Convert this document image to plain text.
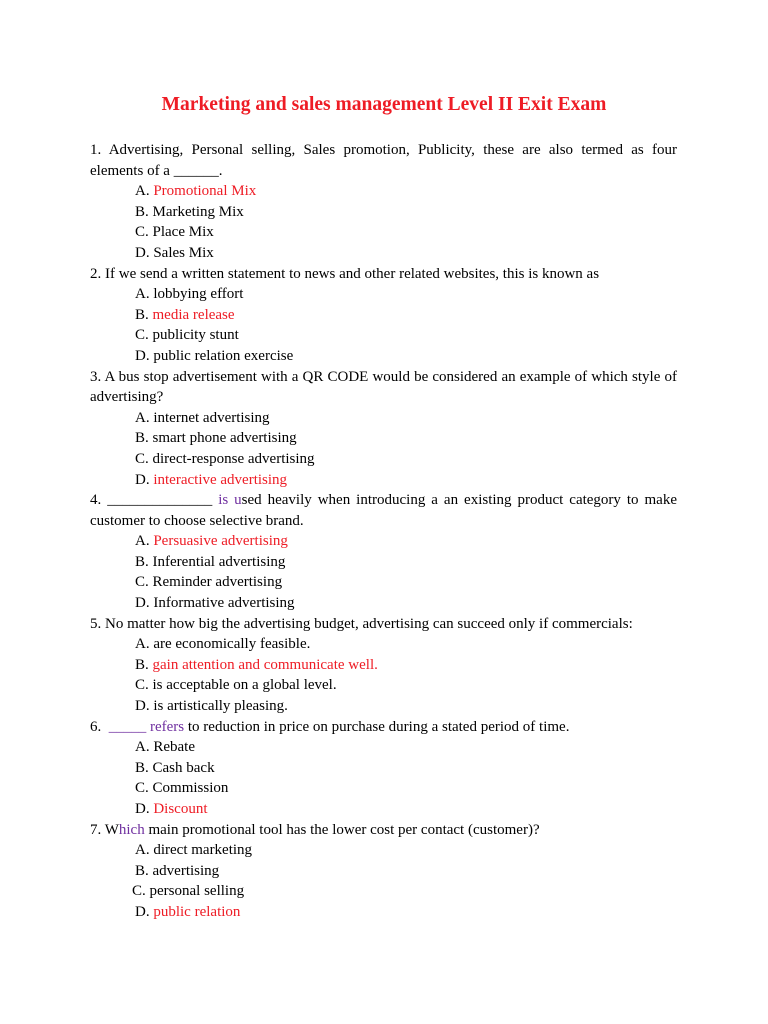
Marketing and sales management Level II Exit Exam

1. Advertising, Personal selling, Sales promotion, Publicity, these are also termed as four elements of a ______.

A. Promotional Mix

B. Marketing Mix

C. Place Mix

D. Sales Mix

2. If we send a written statement to news and other related websites, this is known as

A. lobbying effort

B. media release

C. publicity stunt

D. public relation exercise

3. A bus stop advertisement with a QR CODE would be considered an example of which style of advertising?

A. internet advertising

B. smart phone advertising

C. direct-response advertising

D. interactive advertising

4. ______________ is used heavily when introducing a an existing product category to make customer to choose selective brand.

A. Persuasive advertising

B. Inferential advertising

C. Reminder advertising

D. Informative advertising

5. No matter how big the advertising budget, advertising can succeed only if commercials:

A. are economically feasible.

B. gain attention and communicate well.

C. is acceptable on a global level.

D. is artistically pleasing.

6.  _____ refers to reduction in price on purchase during a stated period of time.

A. Rebate

B. Cash back

C. Commission

D. Discount

7. Which main promotional tool has the lower cost per contact (customer)?

A. direct marketing

B. advertising

C. personal selling

D. public relation
